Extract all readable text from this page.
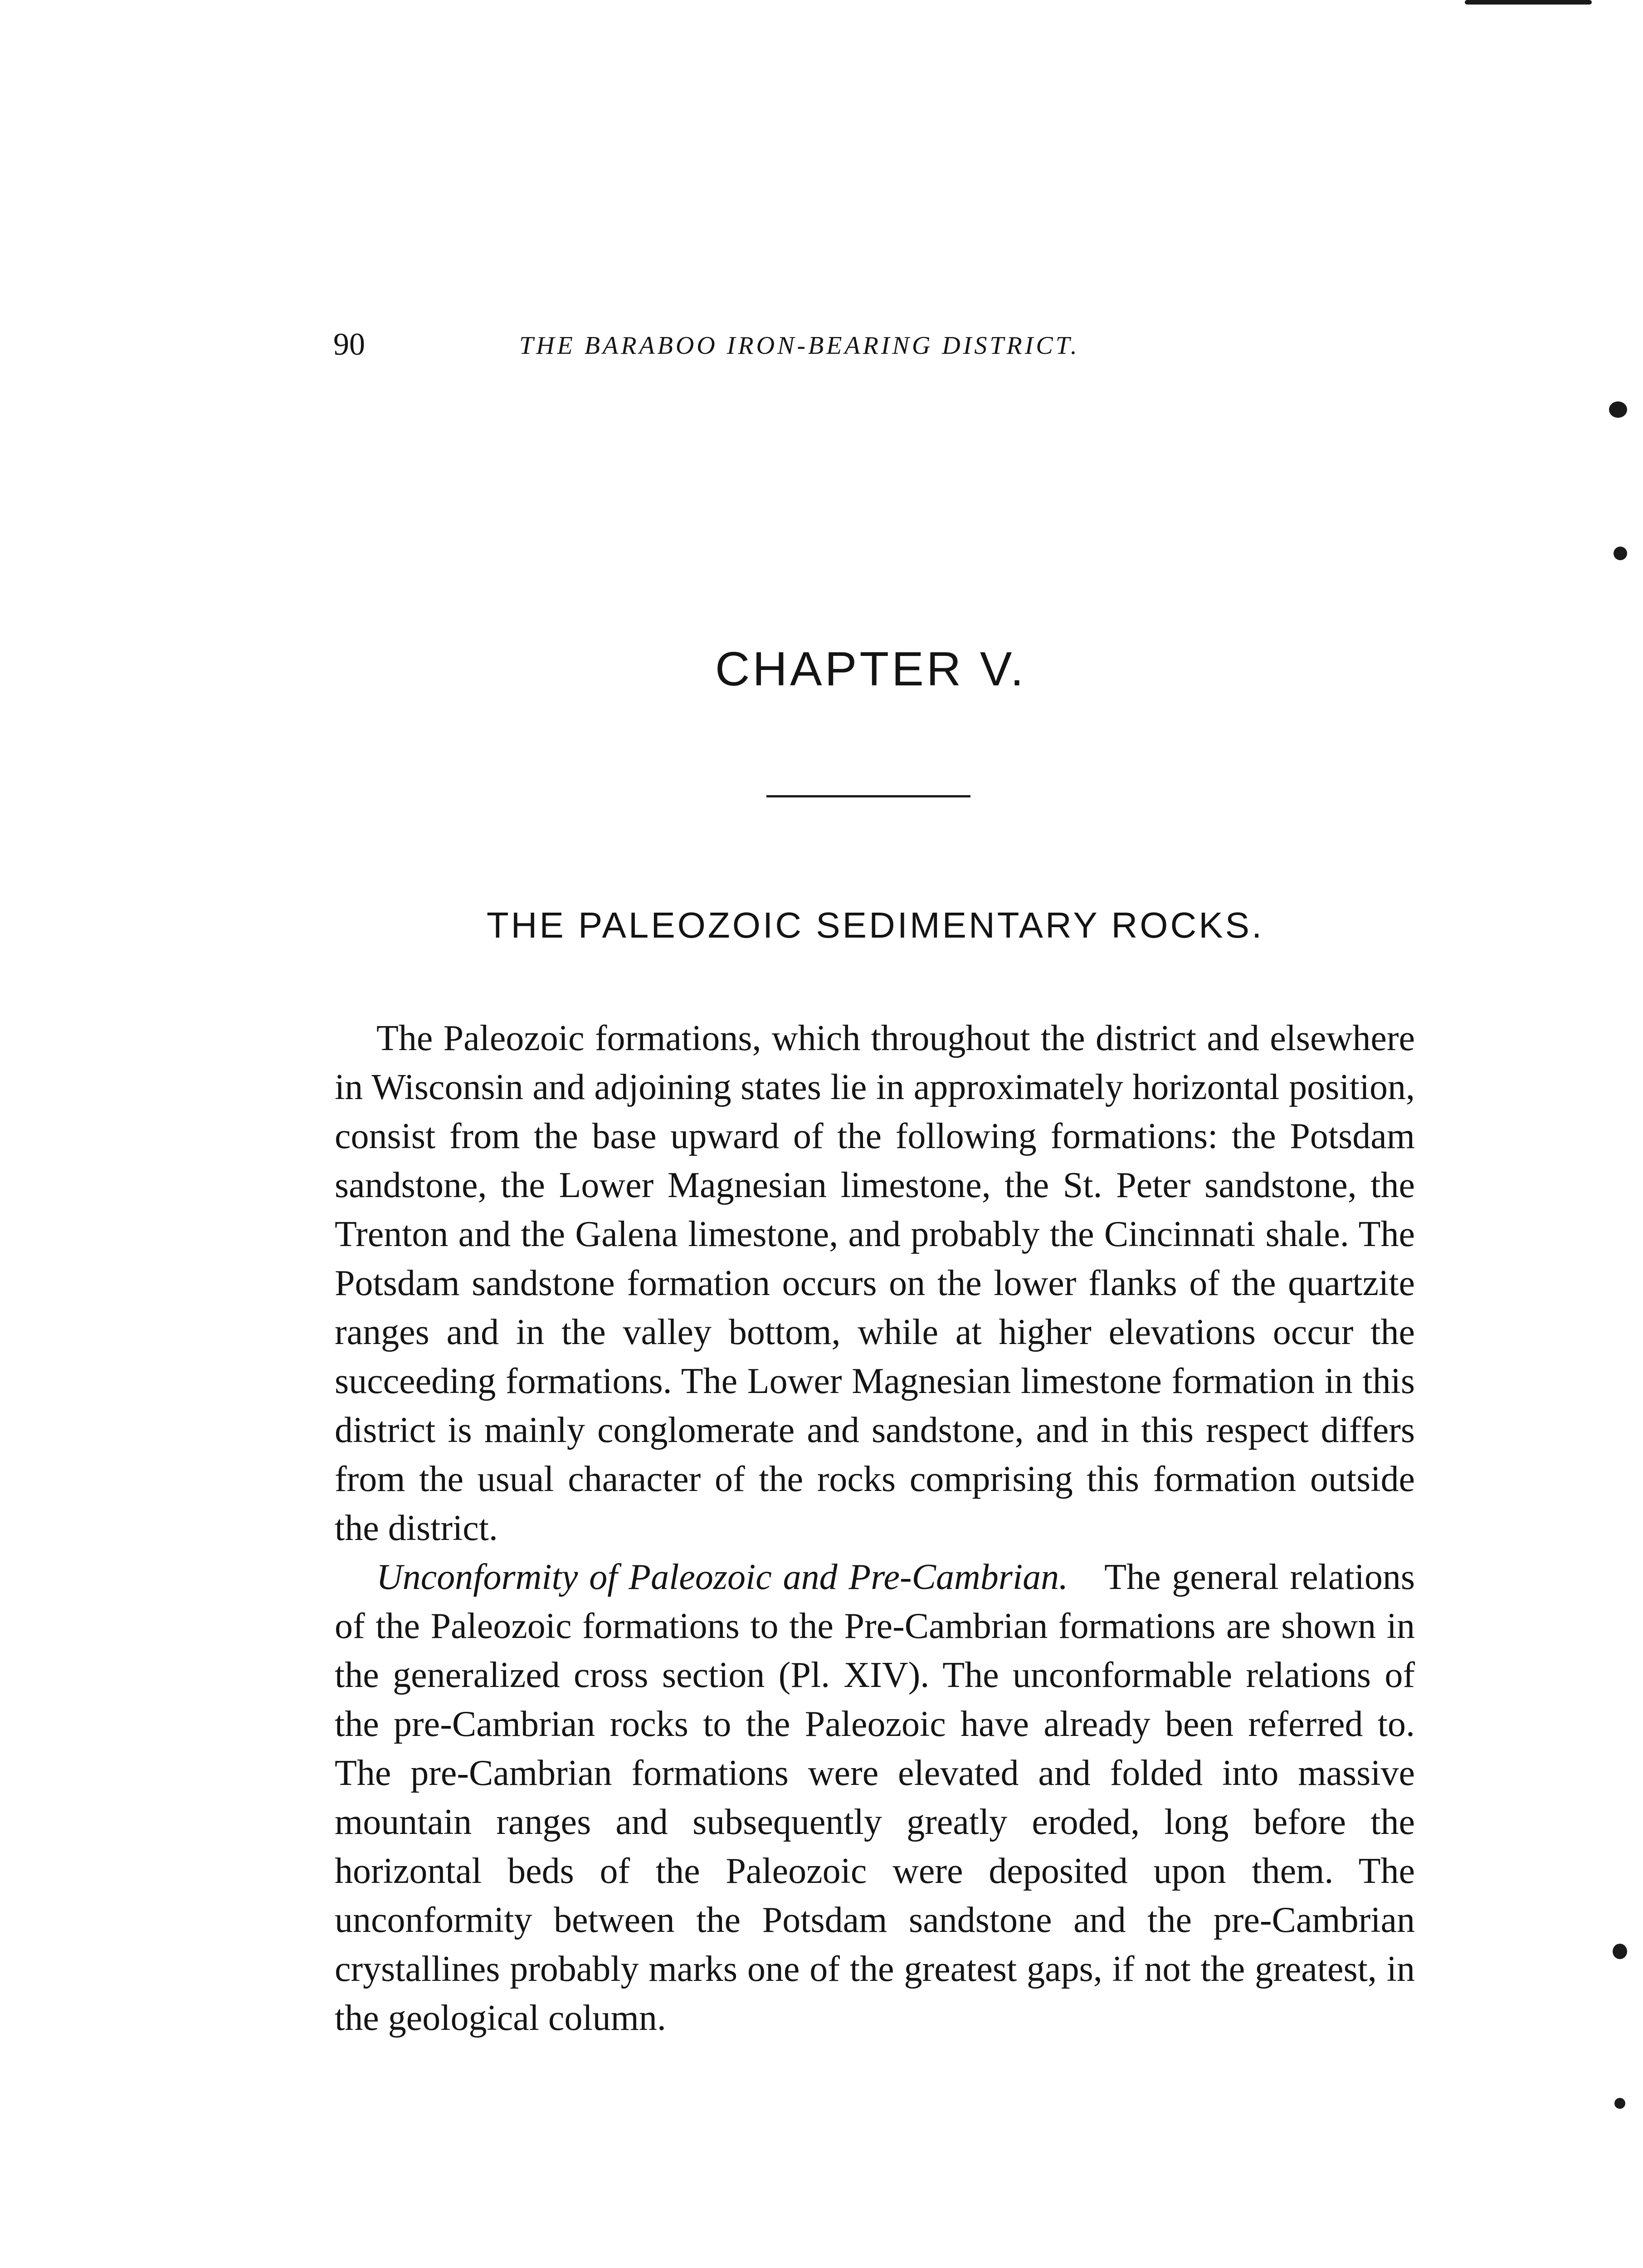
90	THE BARABOO IRON-BEARING DISTRICT.
CHAPTER V.
THE PALEOZOIC SEDIMENTARY ROCKS.

The Paleozoic formations, which throughout the district and elsewhere in Wisconsin and adjoining states lie in approximately horizontal position, consist from the base upward of the following formations: the Potsdam sandstone, the Lower Magnesian limestone, the St. Peter sandstone, the Trenton and the Galena limestone, and probably the Cincinnati shale. The Potsdam sandstone formation occurs on the lower flanks of the quartzite ranges and in the valley bottom, while at higher elevations occur the succeeding formations. The Lower Magnesian limestone formation in this district is mainly conglomerate and sandstone, and in this respect differs from the usual character of the rocks comprising this formation outside the district.

Unconformity of Paleozoic and Pre-Cambrian.  The general relations of the Paleozoic formations to the Pre-Cambrian formations are shown in the generalized cross section (Pl. XIV). The unconformable relations of the pre-Cambrian rocks to the Paleozoic have already been referred to. The pre-Cambrian formations were elevated and folded into massive mountain ranges and subsequently greatly eroded, long before the horizontal beds of the Paleozoic were deposited upon them. The unconformity between the Potsdam sandstone and the pre-Cambrian crystallines probably marks one of the greatest gaps, if not the greatest, in the geological column.
